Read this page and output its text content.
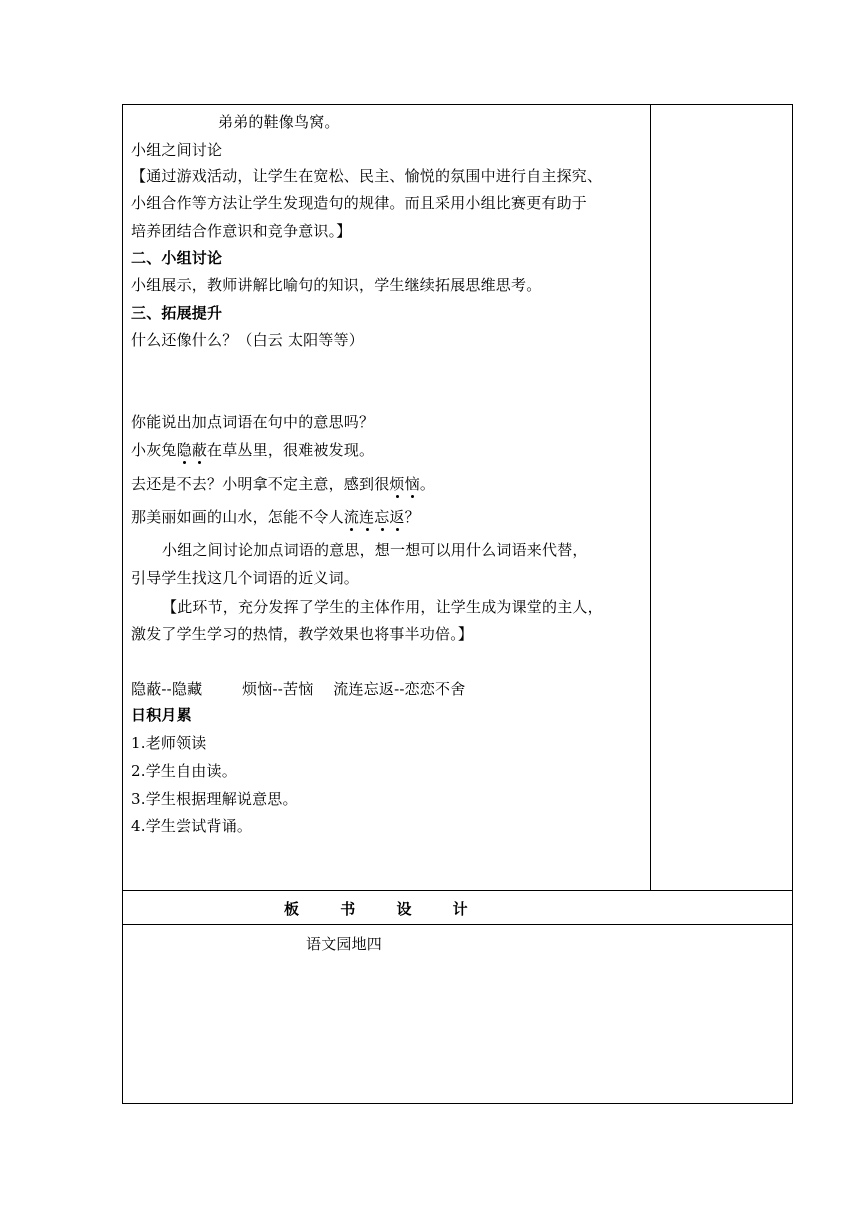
弟弟的鞋像鸟窝。
小组之间讨论
【通过游戏活动，让学生在宽松、民主、愉悦的氛围中进行自主探究、
小组合作等方法让学生发现造句的规律。而且采用小组比赛更有助于
培养团结合作意识和竞争意识。】
二、小组讨论
小组展示，教师讲解比喻句的知识，学生继续拓展思维思考。
三、拓展提升
什么还像什么？（白云 太阳等等）
你能说出加点词语在句中的意思吗？
小灰兔隐蔽在草丛里，很难被发现。
去还是不去？小明拿不定主意，感到很烦恼。
那美丽如画的山水，怎能不令人流连忘返？
小组之间讨论加点词语的意思，想一想可以用什么词语来代替，
引导学生找这几个词语的近义词。
【此环节，充分发挥了学生的主体作用，让学生成为课堂的主人，
激发了学生学习的热情，教学效果也将事半功倍。】
隐蔽--隐藏        烦恼--苦恼    流连忘返--恋恋不舍
日积月累
1.老师领读
2.学生自由读。
3.学生根据理解说意思。
4.学生尝试背诵。
板 书 设 计
语文园地四
